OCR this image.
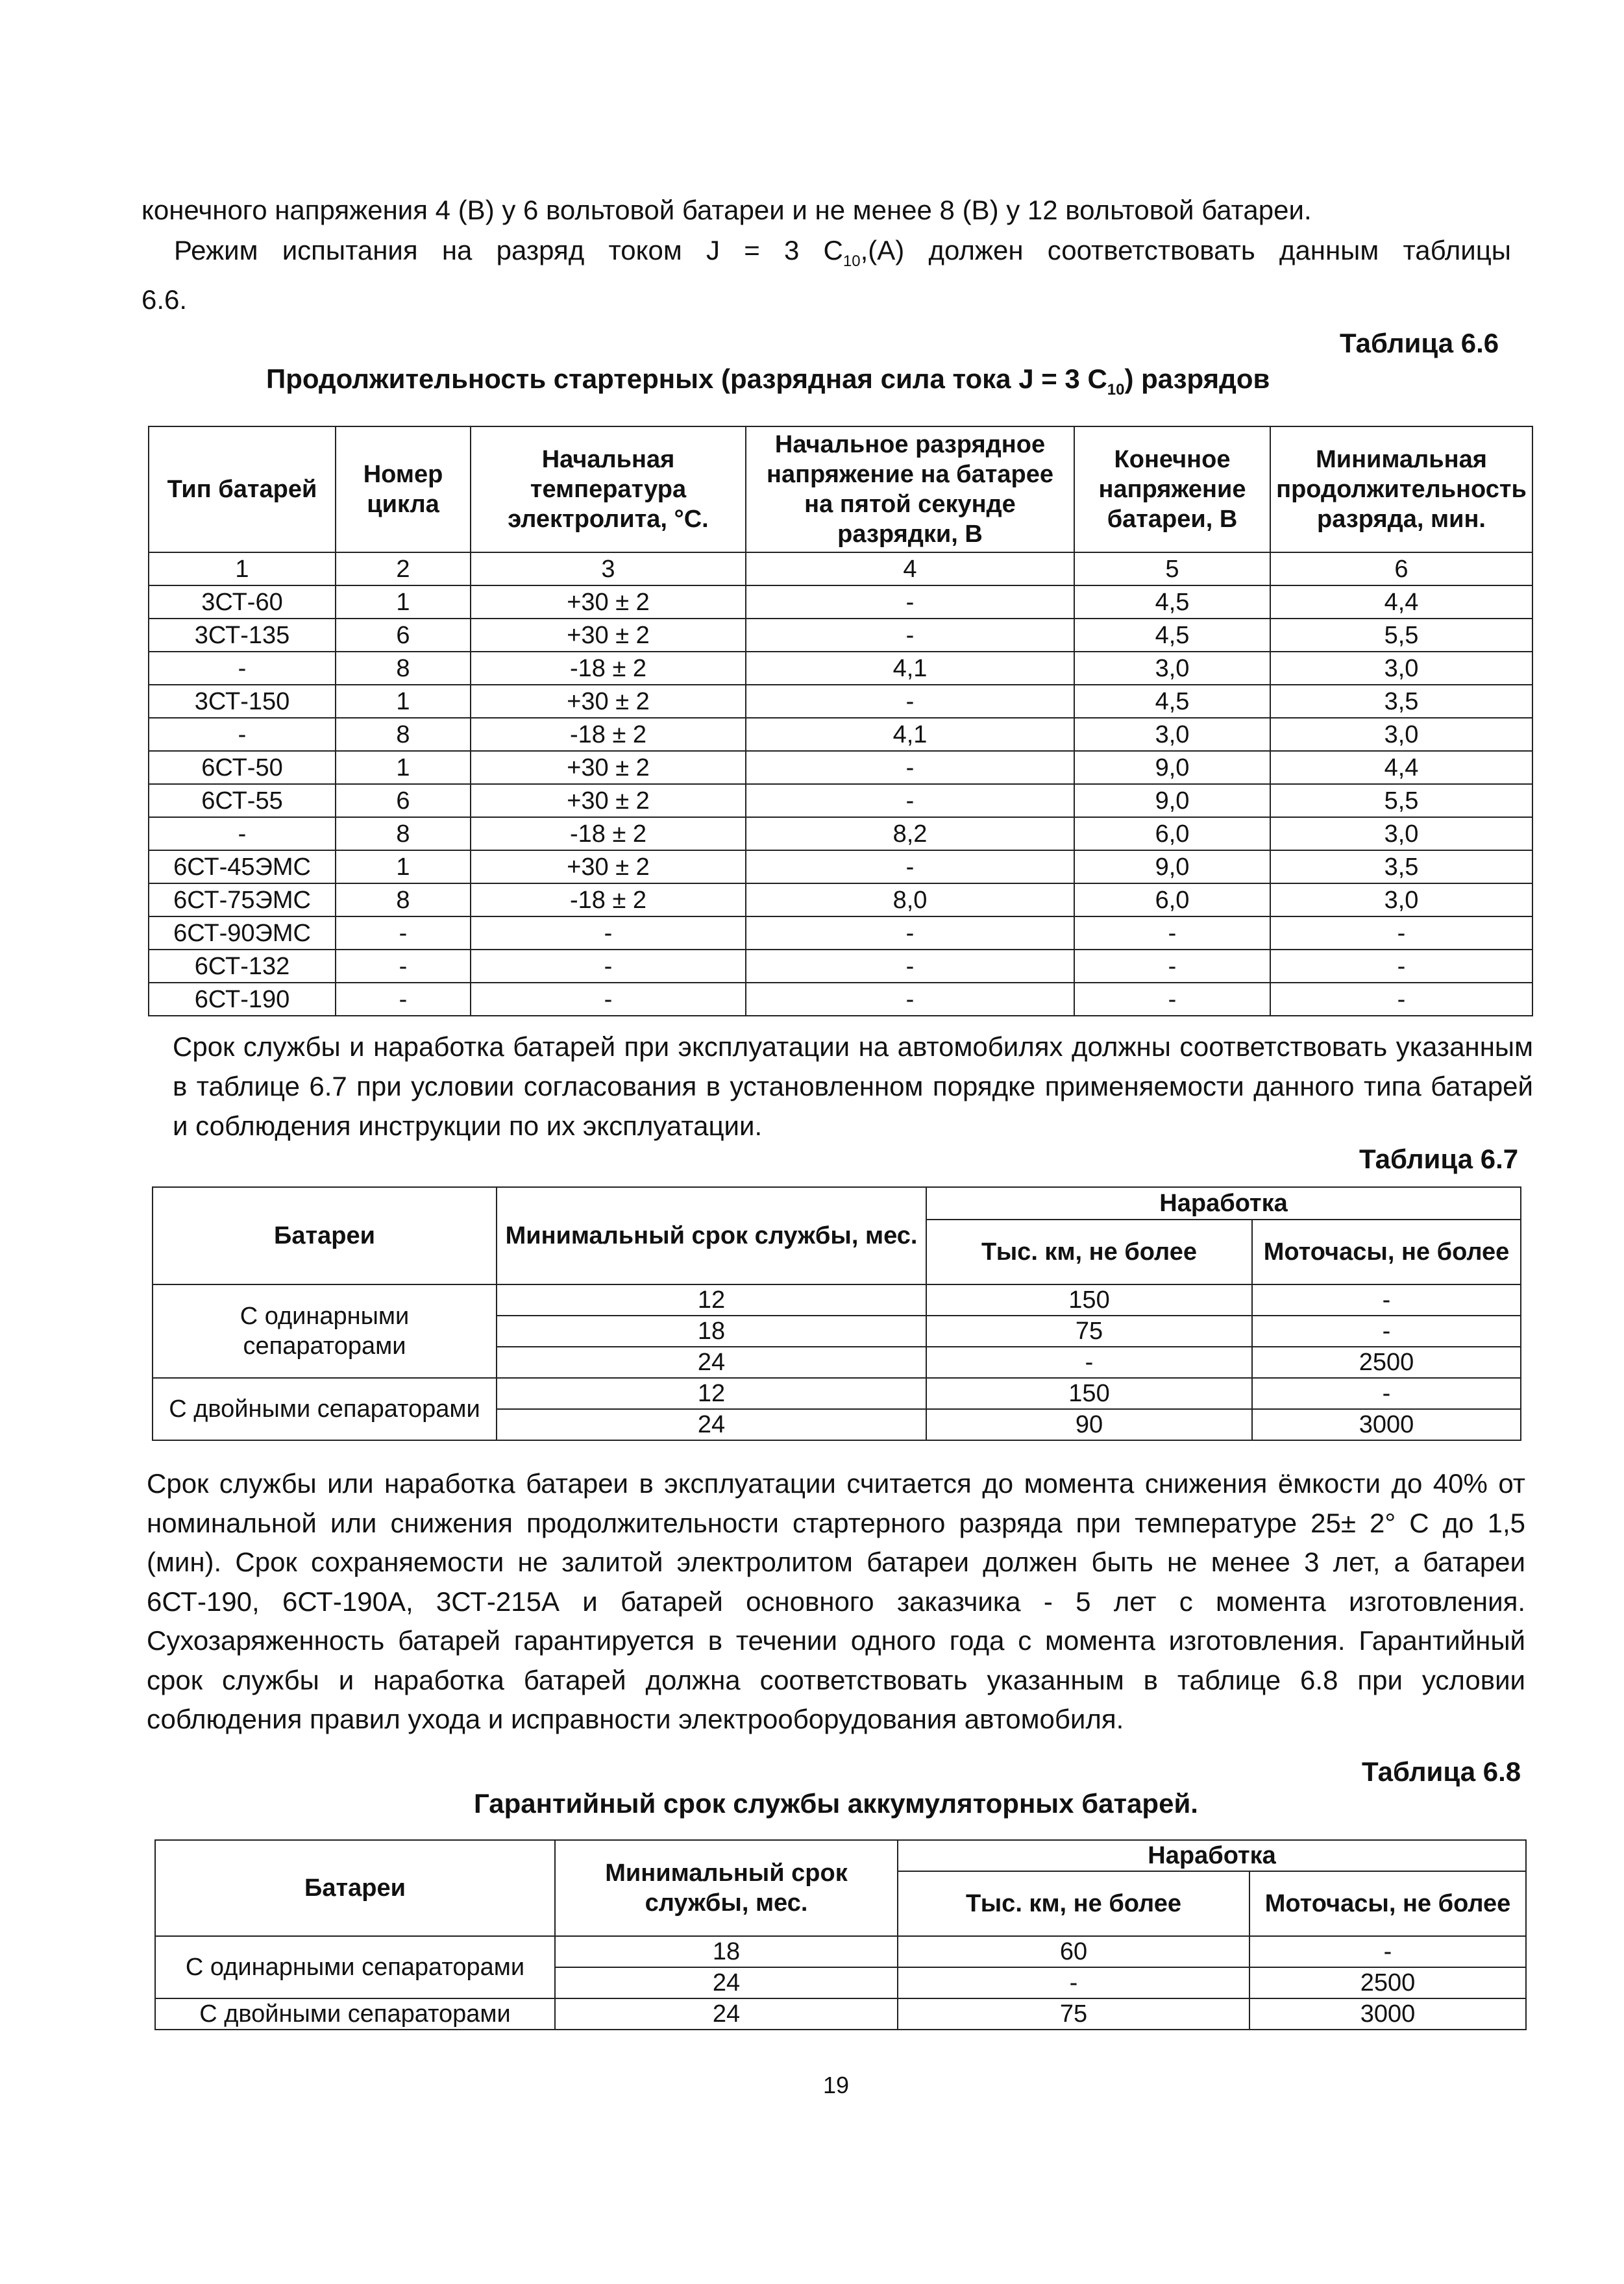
конечного напряжения 4 (В) у 6 вольтовой батареи и не менее 8 (В) у 12 вольтовой батареи.
Режим испытания на разряд током J = 3 $C_{10},(А)$ должен соответствовать данным таблицы
6.6.
Таблица 6.6
Продолжительность стартерных (разрядная сила тока J = 3 $C_{10}$) разрядов
Тип батарей	Номер цикла	Начальная температура электролита, °С.	Начальное разрядное напряжение на батарее на пятой секунде разрядки, В	Конечное напряжение батареи, В	Минимальная продолжительность разряда, мин.
1	2	3	4	5	6
3СТ-60	1	+30 ± 2	-	4,5	4,4
3СТ-135	6	+30 ± 2	-	4,5	5,5
-	8	-18 ± 2	4,1	3,0	3,0
3СТ-150	1	+30 ± 2	-	4,5	3,5
-	8	-18 ± 2	4,1	3,0	3,0
6СТ-50	1	+30 ± 2	-	9,0	4,4
6СТ-55	6	+30 ± 2	-	9,0	5,5
-	8	-18 ± 2	8,2	6,0	3,0
6СТ-45ЭМС	1	+30 ± 2	-	9,0	3,5
6СТ-75ЭМС	8	-18 ± 2	8,0	6,0	3,0
6СТ-90ЭМС	-	-	-	-	-
6СТ-132	-	-	-	-	-
6СТ-190	-	-	-	-	-
Срок службы и наработка батарей при эксплуатации на автомобилях должны соответствовать указанным в таблице 6.7 при условии согласования в установленном порядке применяемости данного типа батарей и соблюдения инструкции по их эксплуатации.
Таблица 6.7
Батареи	Минимальный срок службы, мес.	Наработка	
		Тыс. км, не более	Моточасы, не более
С одинарными сепараторами	12	150	-
	18	75	-
	24	-	2500
С двойными сепараторами	12	150	-
	24	90	3000
Срок службы или наработка батареи в эксплуатации считается до момента снижения ёмкости до 40% от номинальной или снижения продолжительности стартерного разряда при температуре 25± 2° С до 1,5 (мин). Срок сохраняемости не залитой электролитом батареи должен быть не менее 3 лет, а батареи 6СТ-190, 6СТ-190А, 3СТ-215А и батарей основного заказчика - 5 лет с момента изготовления. Сухозаряженность батарей гарантируется в течении одного года с момента изготовления. Гарантийный срок службы и наработка батарей должна соответствовать указанным в таблице 6.8 при условии соблюдения правил ухода и исправности электрооборудования автомобиля.
Таблица 6.8
Гарантийный срок службы аккумуляторных батарей.
Батареи	Минимальный срок службы, мес.	Наработка	
		Тыс. км, не более	Моточасы, не более
С одинарными сепараторами	18	60	-
	24	-	2500
С двойными сепараторами	24	75	3000
19
